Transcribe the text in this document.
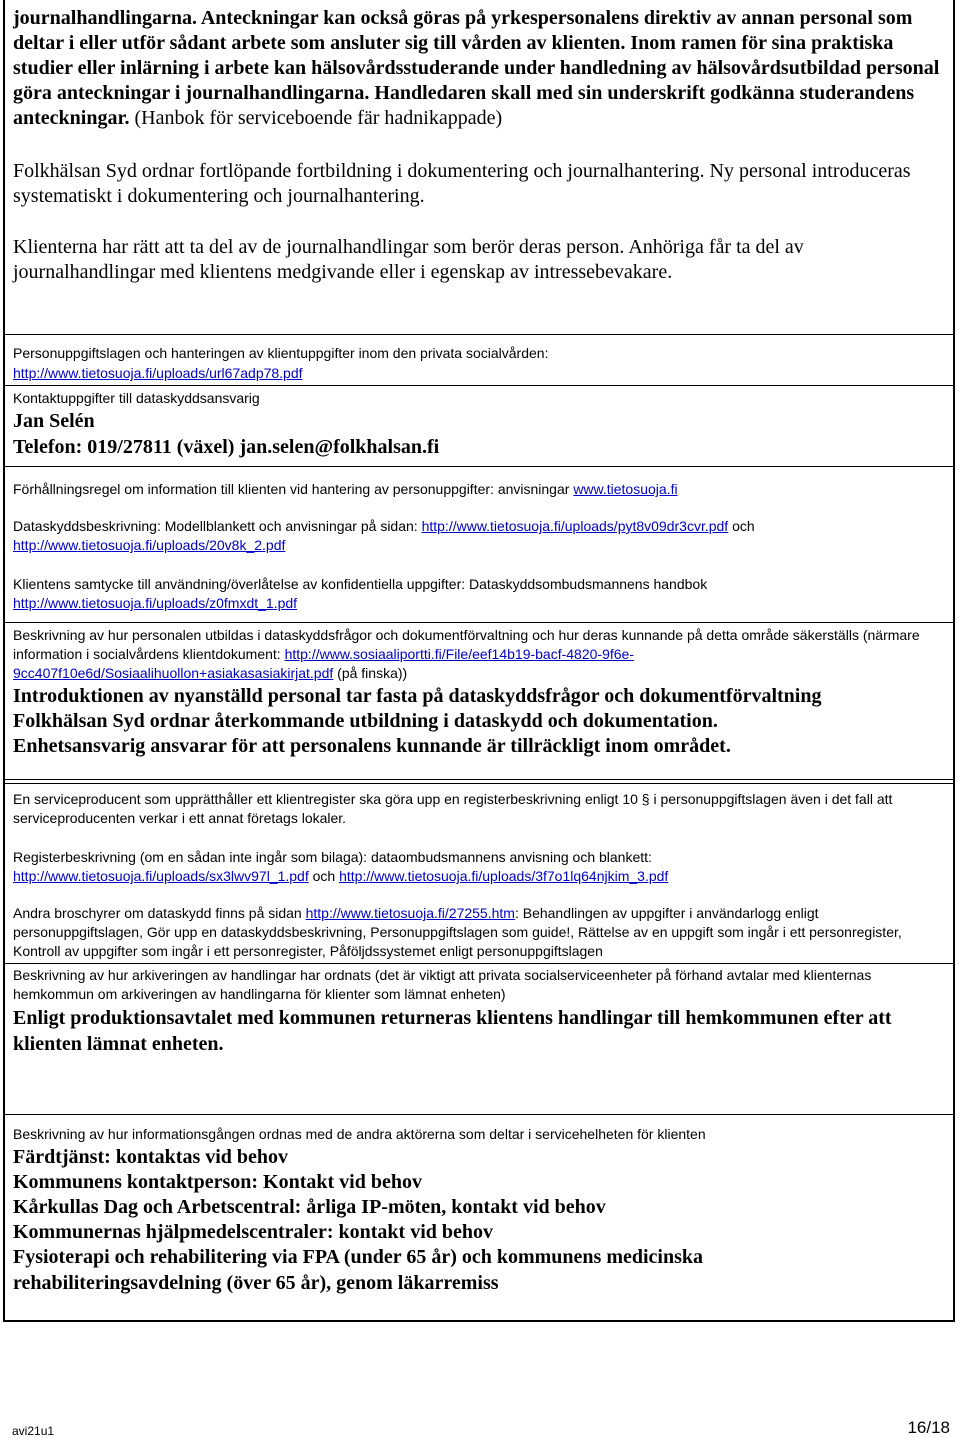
journalhandlingarna. Anteckningar kan också göras på yrkespersonalens direktiv av annan personal som deltar i eller utför sådant arbete som ansluter sig till vården av klienten. Inom ramen för sina praktiska studier eller inlärning i arbete kan hälsovårdsstuderande under handledning av hälsovårdsutbildad personal göra anteckningar i journalhandlingarna. Handledaren skall med sin underskrift godkänna studerandens anteckningar. (Hanbok för serviceboende fär hadnikappade)

Folkhälsan Syd ordnar fortlöpande fortbildning i dokumentering och journalhantering. Ny personal introduceras systematiskt i dokumentering och journalhantering.

Klienterna har rätt att ta del av de journalhandlingar som berör deras person. Anhöriga får ta del av journalhandlingar med klientens medgivande eller i egenskap av intressebevakare.

Personuppgiftslagen och hanteringen av klientuppgifter inom den privata socialvården:

http://www.tietosuoja.fi/uploads/url67adp78.pdf

Kontaktuppgifter till dataskyddsansvarig

Jan Selén

Telefon: 019/27811 (växel) jan.selen@folkhalsan.fi

Förhållningsregel om information till klienten vid hantering av personuppgifter: anvisningar www.tietosuoja.fi

Dataskyddsbeskrivning: Modellblankett och anvisningar på sidan: http://www.tietosuoja.fi/uploads/pyt8v09dr3cvr.pdf och
http://www.tietosuoja.fi/uploads/20v8k_2.pdf

Klientens samtycke till användning/överlåtelse av konfidentiella uppgifter: Dataskyddsombudsmannens handbok
http://www.tietosuoja.fi/uploads/z0fmxdt_1.pdf

Beskrivning av hur personalen utbildas i dataskyddsfrågor och dokumentförvaltning och hur deras kunnande på detta område säkerställs (närmare information i socialvårdens klientdokument: http://www.sosiaaliportti.fi/File/eef14b19-bacf-4820-9f6e-9cc407f10e6d/Sosiaalihuollon+asiakasasiakirjat.pdf (på finska))

Introduktionen av nyanställd personal tar fasta på dataskyddsfrågor och dokumentförvaltning

Folkhälsan Syd ordnar återkommande utbildning i dataskydd och dokumentation.

Enhetsansvarig ansvarar för att personalens kunnande är tillräckligt inom området.

En serviceproducent som upprätthåller ett klientregister ska göra upp en registerbeskrivning enligt 10 § i personuppgiftslagen även i det fall att serviceproducenten verkar i ett annat företags lokaler.

Registerbeskrivning (om en sådan inte ingår som bilaga): dataombudsmannens anvisning och blankett:
http://www.tietosuoja.fi/uploads/sx3lwv97l_1.pdf och http://www.tietosuoja.fi/uploads/3f7o1lq64njkim_3.pdf

Andra broschyrer om dataskydd finns på sidan http://www.tietosuoja.fi/27255.htm: Behandlingen av uppgifter i användarlogg enligt personuppgiftslagen, Gör upp en dataskyddsbeskrivning, Personuppgiftslagen som guide!, Rättelse av en uppgift som ingår i ett personregister, Kontroll av uppgifter som ingår i ett personregister, Påföljdssystemet enligt personuppgiftslagen

Beskrivning av hur arkiveringen av handlingar har ordnats (det är viktigt att privata socialserviceenheter på förhand avtalar med klienternas hemkommun om arkiveringen av handlingarna för klienter som lämnat enheten)

Enligt produktionsavtalet med kommunen returneras klientens handlingar till hemkommunen efter att klienten lämnat enheten.

Beskrivning av hur informationsgången ordnas med de andra aktörerna som deltar i servicehelheten för klienten

Färdtjänst: kontaktas vid behov

Kommunens kontaktperson: Kontakt vid behov

Kårkullas Dag och Arbetscentral: årliga IP-möten, kontakt vid behov

Kommunernas hjälpmedelscentraler: kontakt vid behov

Fysioterapi och rehabilitering via FPA (under 65 år) och kommunens medicinska rehabiliteringsavdelning (över 65 år), genom läkarremiss

avi21u1	16/18
